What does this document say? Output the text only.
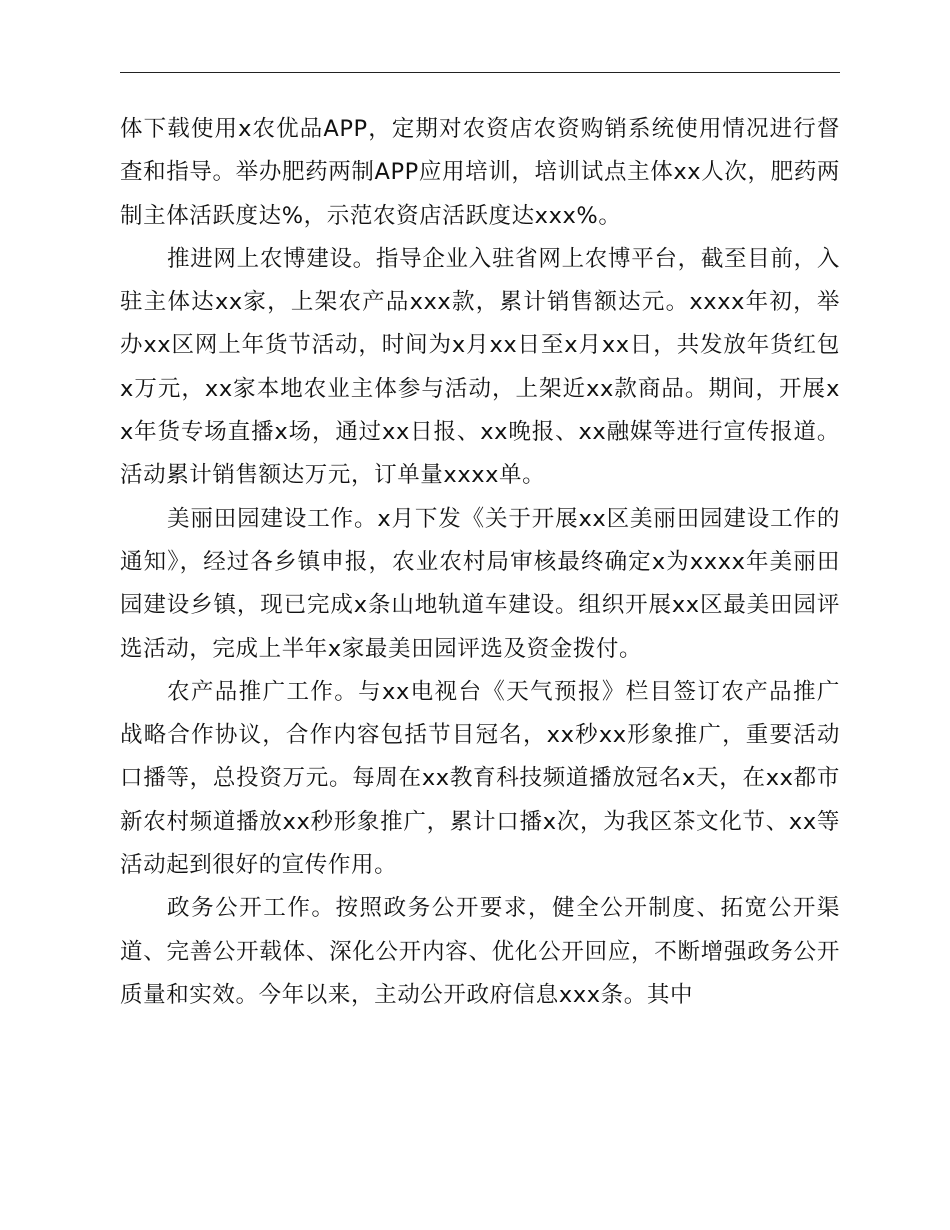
体下载使用x农优品APP，定期对农资店农资购销系统使用情况进行督查和指导。举办肥药两制APP应用培训，培训试点主体xx人次，肥药两制主体活跃度达%，示范农资店活跃度达xxx%。

推进网上农博建设。指导企业入驻省网上农博平台，截至目前，入驻主体达xx家，上架农产品xxx款，累计销售额达元。xxxx年初，举办xx区网上年货节活动，时间为x月xx日至x月xx日，共发放年货红包x万元，xx家本地农业主体参与活动，上架近xx款商品。期间，开展xx年货专场直播x场，通过xx日报、xx晚报、xx融媒等进行宣传报道。活动累计销售额达万元，订单量xxxx单。

美丽田园建设工作。x月下发《关于开展xx区美丽田园建设工作的通知》，经过各乡镇申报，农业农村局审核最终确定x为xxxx年美丽田园建设乡镇，现已完成x条山地轨道车建设。组织开展xx区最美田园评选活动，完成上半年x家最美田园评选及资金拨付。

农产品推广工作。与xx电视台《天气预报》栏目签订农产品推广战略合作协议，合作内容包括节目冠名，xx秒xx形象推广，重要活动口播等，总投资万元。每周在xx教育科技频道播放冠名x天，在xx都市新农村频道播放xx秒形象推广，累计口播x次，为我区茶文化节、xx等活动起到很好的宣传作用。

政务公开工作。按照政务公开要求，健全公开制度、拓宽公开渠道、完善公开载体、深化公开内容、优化公开回应，不断增强政务公开质量和实效。今年以来，主动公开政府信息xxx条。其中
